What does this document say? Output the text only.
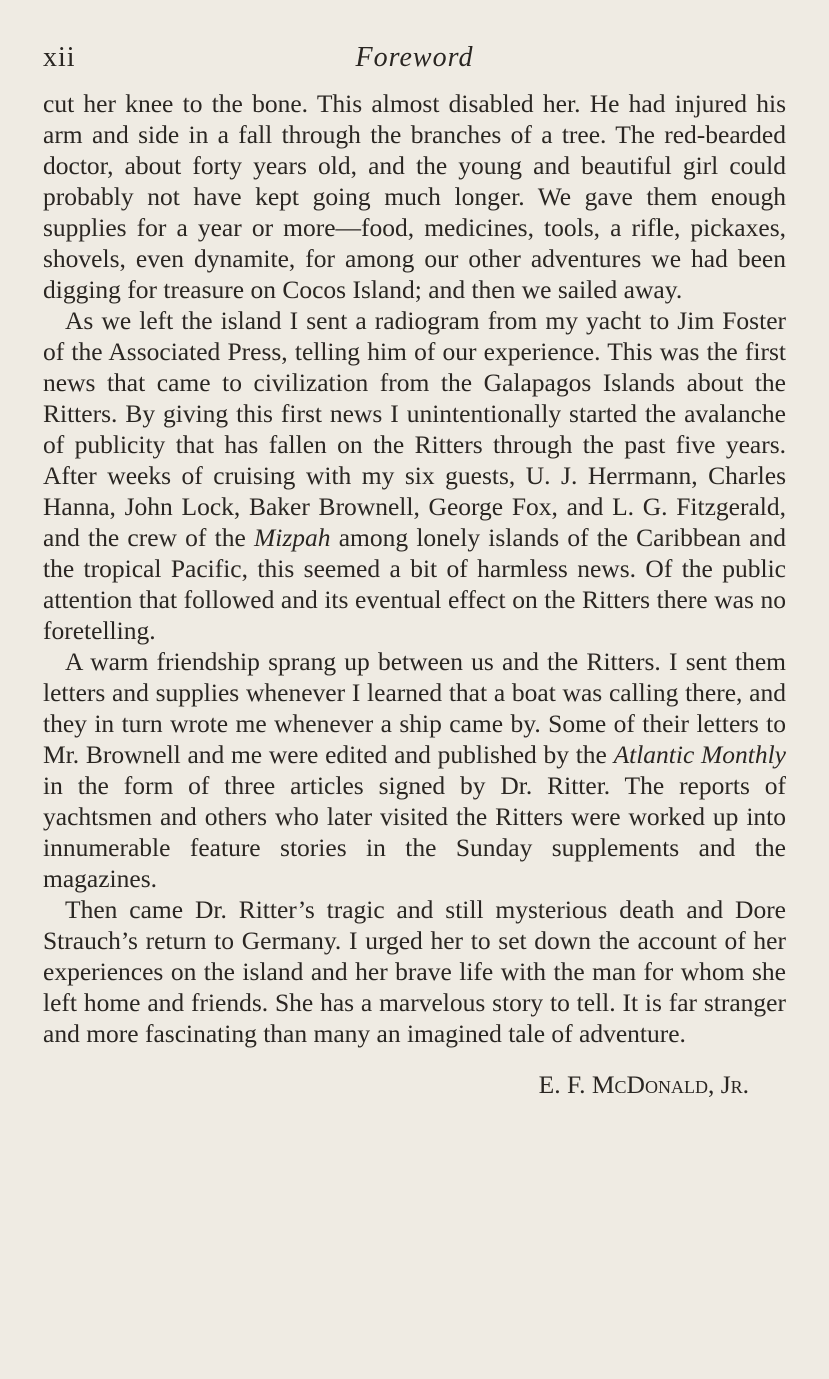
xii	Foreword

cut her knee to the bone. This almost disabled her. He had injured his arm and side in a fall through the branches of a tree. The red-bearded doctor, about forty years old, and the young and beautiful girl could probably not have kept going much longer. We gave them enough supplies for a year or more—food, medicines, tools, a rifle, pickaxes, shovels, even dynamite, for among our other adventures we had been digging for treasure on Cocos Island; and then we sailed away.

As we left the island I sent a radiogram from my yacht to Jim Foster of the Associated Press, telling him of our experience. This was the first news that came to civilization from the Galapagos Islands about the Ritters. By giving this first news I unintentionally started the avalanche of publicity that has fallen on the Ritters through the past five years. After weeks of cruising with my six guests, U. J. Herrmann, Charles Hanna, John Lock, Baker Brownell, George Fox, and L. G. Fitzgerald, and the crew of the Mizpah among lonely islands of the Caribbean and the tropical Pacific, this seemed a bit of harmless news. Of the public attention that followed and its eventual effect on the Ritters there was no foretelling.

A warm friendship sprang up between us and the Ritters. I sent them letters and supplies whenever I learned that a boat was calling there, and they in turn wrote me whenever a ship came by. Some of their letters to Mr. Brownell and me were edited and published by the Atlantic Monthly in the form of three articles signed by Dr. Ritter. The reports of yachtsmen and others who later visited the Ritters were worked up into innumerable feature stories in the Sunday supplements and the magazines.

Then came Dr. Ritter’s tragic and still mysterious death and Dore Strauch’s return to Germany. I urged her to set down the account of her experiences on the island and her brave life with the man for whom she left home and friends. She has a marvelous story to tell. It is far stranger and more fascinating than many an imagined tale of adventure.

E. F. McDonald, Jr.
